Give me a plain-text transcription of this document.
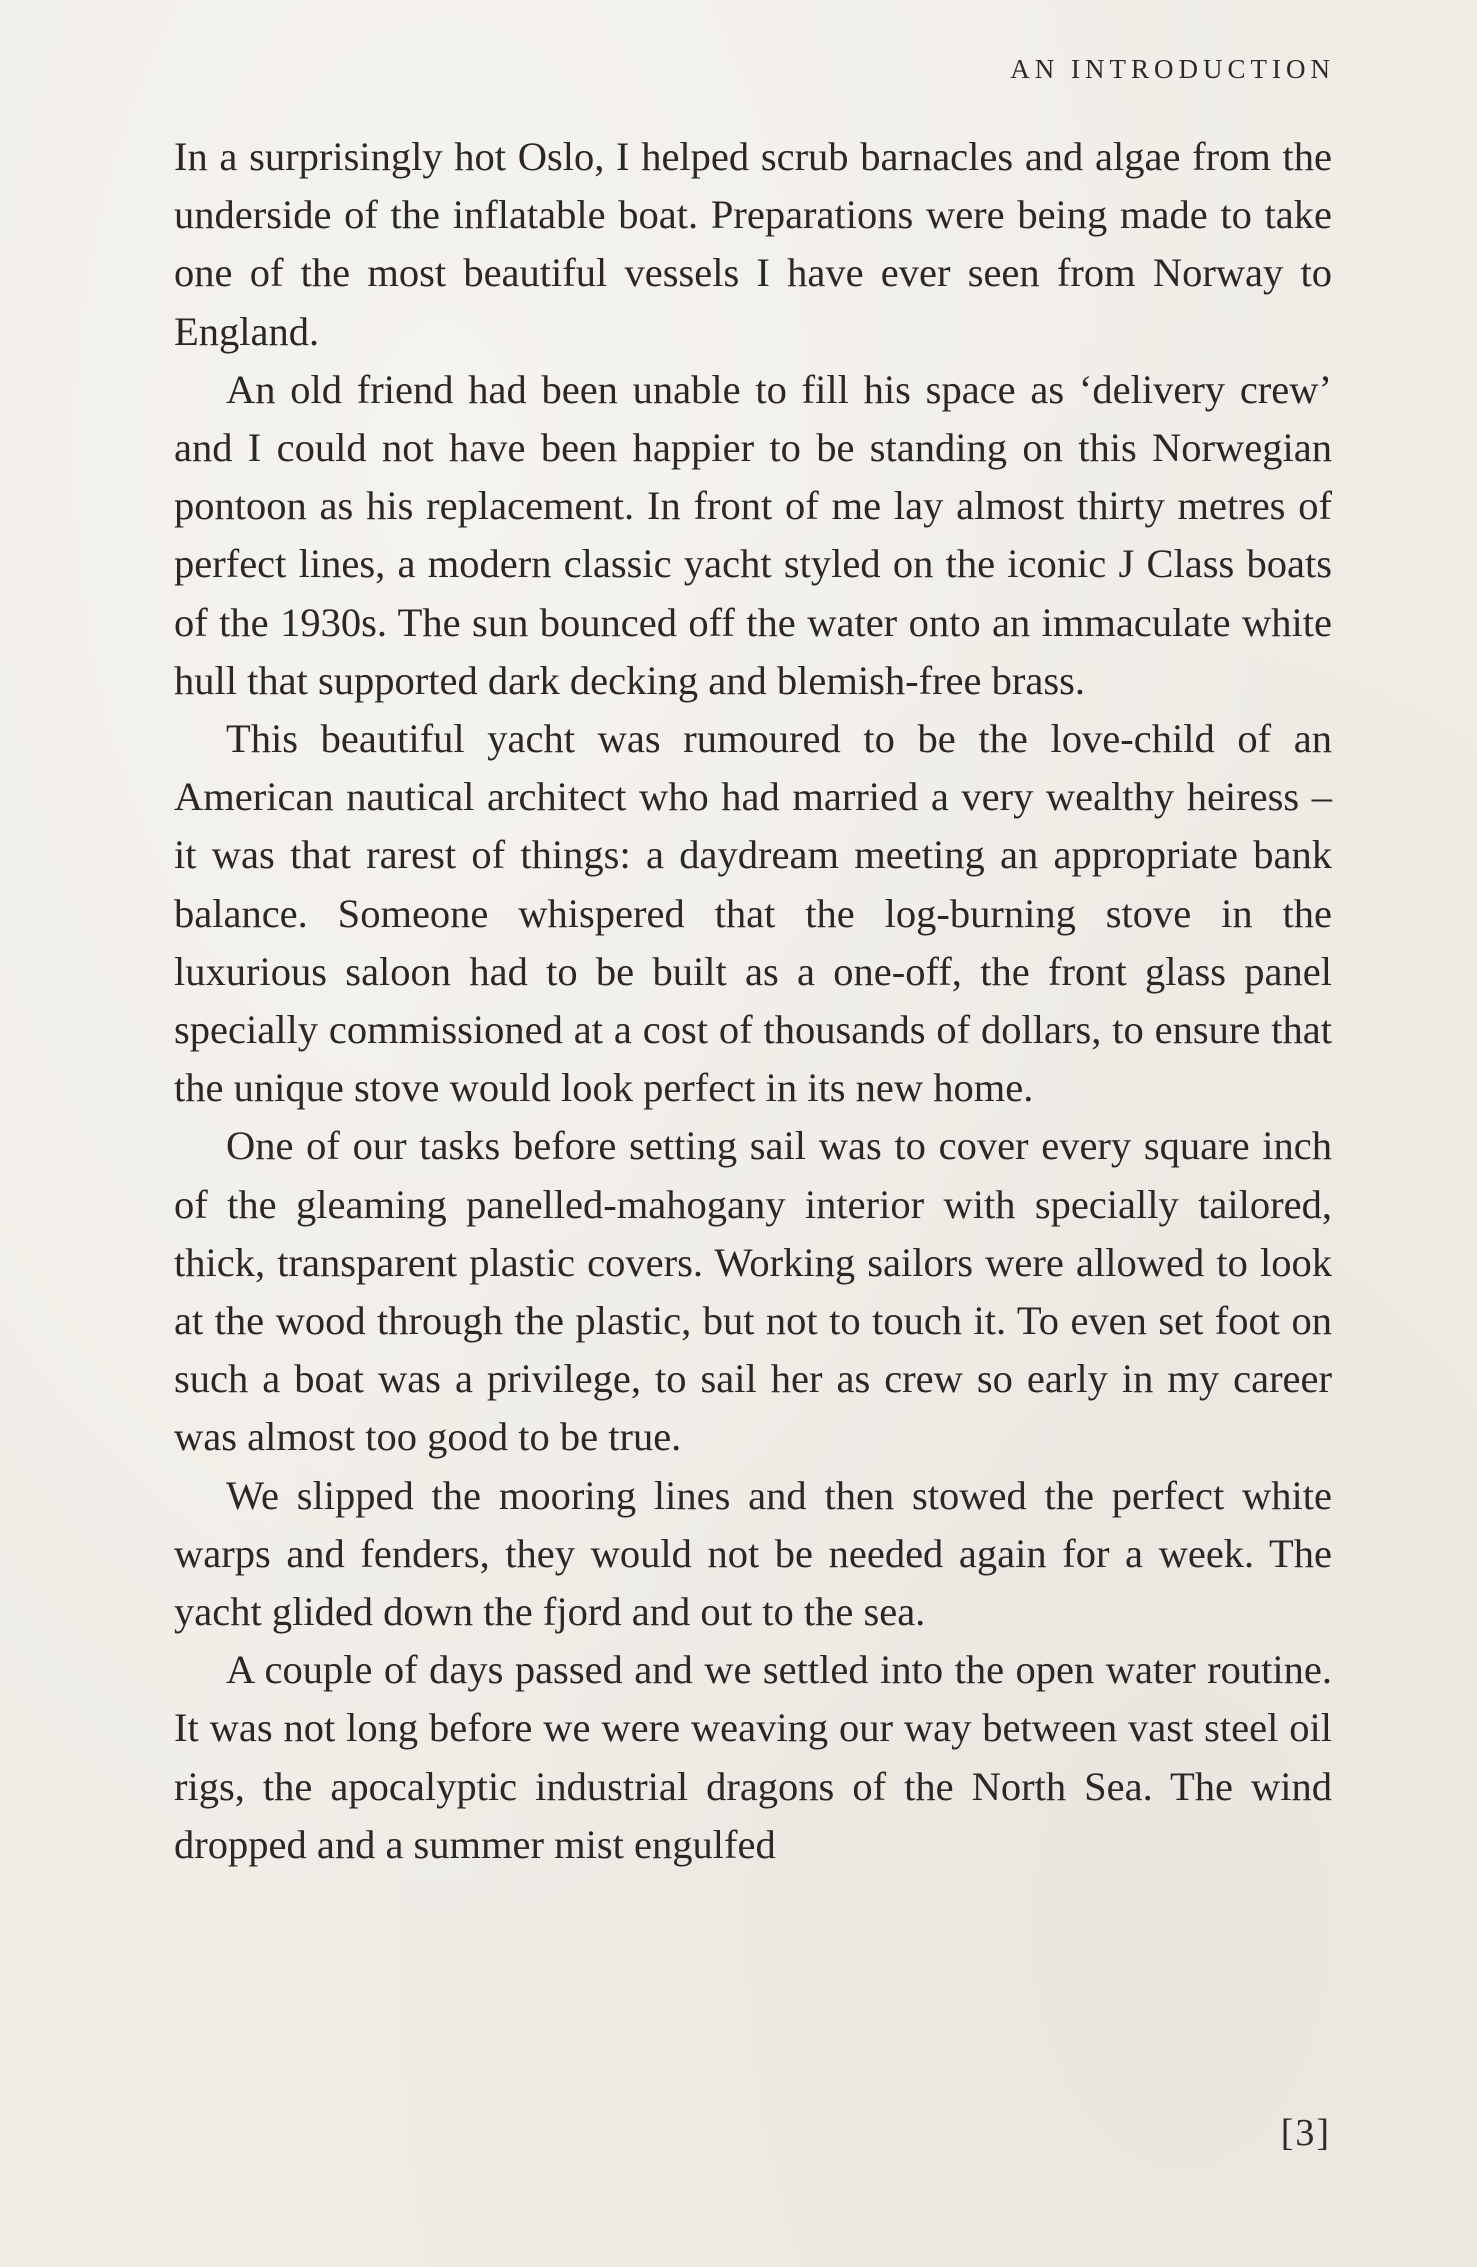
AN INTRODUCTION

In a surprisingly hot Oslo, I helped scrub barnacles and algae from the underside of the inflatable boat. Preparations were being made to take one of the most beautiful vessels I have ever seen from Norway to England.

An old friend had been unable to fill his space as ‘delivery crew’ and I could not have been happier to be standing on this Norwegian pontoon as his replacement. In front of me lay almost thirty metres of perfect lines, a modern classic yacht styled on the iconic J Class boats of the 1930s. The sun bounced off the water onto an immaculate white hull that supported dark decking and blemish-free brass.

This beautiful yacht was rumoured to be the love-child of an American nautical architect who had married a very wealthy heiress – it was that rarest of things: a daydream meeting an appropriate bank balance. Someone whispered that the log-burning stove in the luxurious saloon had to be built as a one-off, the front glass panel specially commissioned at a cost of thousands of dollars, to ensure that the unique stove would look perfect in its new home.

One of our tasks before setting sail was to cover every square inch of the gleaming panelled-mahogany interior with specially tailored, thick, transparent plastic covers. Working sailors were allowed to look at the wood through the plastic, but not to touch it. To even set foot on such a boat was a privilege, to sail her as crew so early in my career was almost too good to be true.

We slipped the mooring lines and then stowed the perfect white warps and fenders, they would not be needed again for a week. The yacht glided down the fjord and out to the sea.

A couple of days passed and we settled into the open water routine. It was not long before we were weaving our way between vast steel oil rigs, the apocalyptic industrial dragons of the North Sea. The wind dropped and a summer mist engulfed

[3]
